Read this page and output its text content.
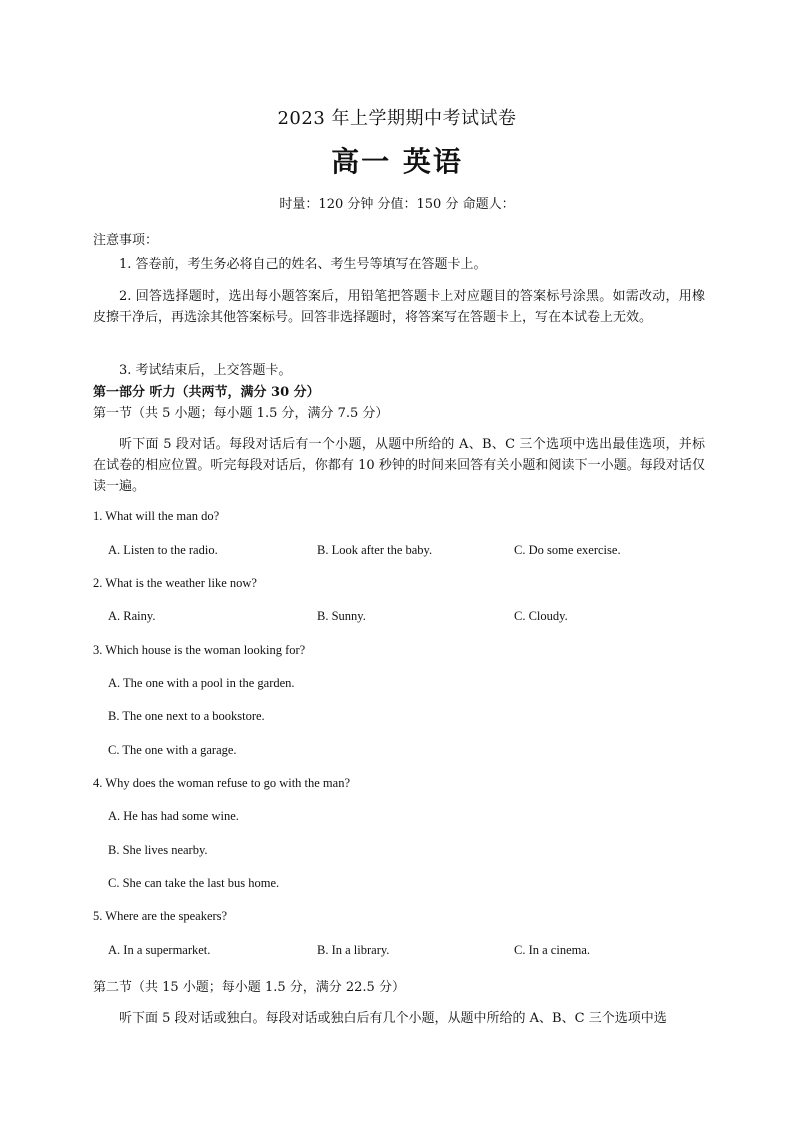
2023 年上学期期中考试试卷
高一 英语
时量：120 分钟 分值：150 分 命题人：
注意事项：
1. 答卷前，考生务必将自己的姓名、考生号等填写在答题卡上。
2. 回答选择题时，选出每小题答案后，用铅笔把答题卡上对应题目的答案标号涂黑。如需改动，用橡皮擦干净后，再选涂其他答案标号。回答非选择题时，将答案写在答题卡上，写在本试卷上无效。
3. 考试结束后，上交答题卡。
第一部分 听力（共两节，满分 30 分）
第一节（共 5 小题；每小题 1.5 分，满分 7.5 分）
听下面 5 段对话。每段对话后有一个小题，从题中所给的 A、B、C 三个选项中选出最佳选项，并标在试卷的相应位置。听完每段对话后，你都有 10 秒钟的时间来回答有关小题和阅读下一小题。每段对话仅读一遍。
1. What will the man do?
A. Listen to the radio.	B. Look after the baby.	C. Do some exercise.
2. What is the weather like now?
A. Rainy.	B. Sunny.	C. Cloudy.
3. Which house is the woman looking for?
A. The one with a pool in the garden.
B. The one next to a bookstore.
C. The one with a garage.
4. Why does the woman refuse to go with the man?
A. He has had some wine.
B. She lives nearby.
C. She can take the last bus home.
5. Where are the speakers?
A. In a supermarket.	B. In a library.	C. In a cinema.
第二节（共 15 小题；每小题 1.5 分，满分 22.5 分）
听下面 5 段对话或独白。每段对话或独白后有几个小题，从题中所给的 A、B、C 三个选项中选
